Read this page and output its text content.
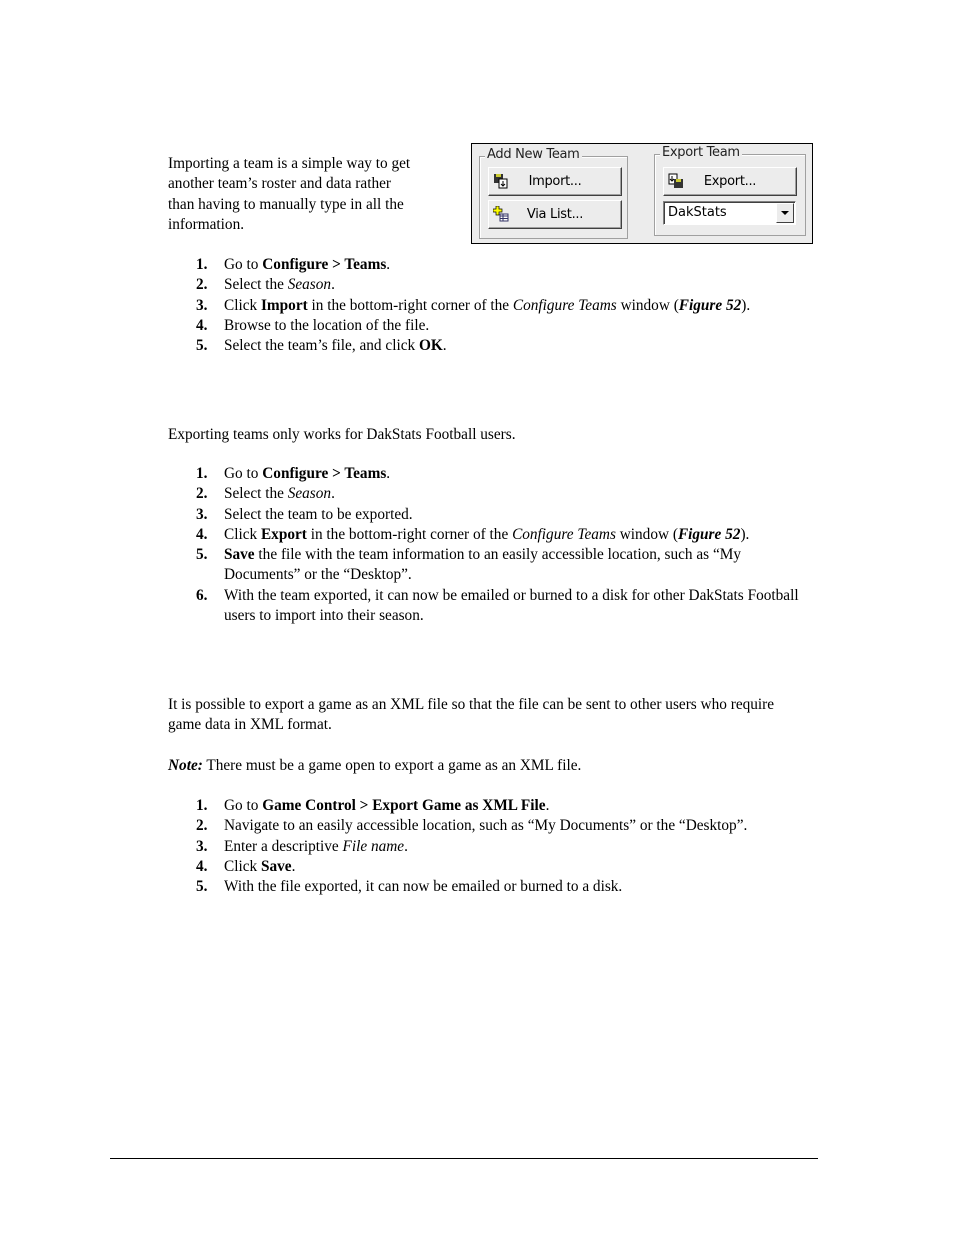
Importing a team is a simple way to get
another team’s roster and data rather
than having to manually type in all the
information.
Add New Team
Import...
Via List...
Export Team
Export...
DakStats
1. Go to Configure > Teams.
2. Select the Season.
3. Click Import in the bottom-right corner of the Configure Teams window (Figure 52).
4. Browse to the location of the file.
5. Select the team’s file, and click OK.
Exporting teams only works for DakStats Football users.
1. Go to Configure > Teams.
2. Select the Season.
3. Select the team to be exported.
4. Click Export in the bottom-right corner of the Configure Teams window (Figure 52).
5. Save the file with the team information to an easily accessible location, such as “My Documents” or the “Desktop”.
6. With the team exported, it can now be emailed or burned to a disk for other DakStats Football users to import into their season.
It is possible to export a game as an XML file so that the file can be sent to other users who require game data in XML format.
Note: There must be a game open to export a game as an XML file.
1. Go to Game Control > Export Game as XML File.
2. Navigate to an easily accessible location, such as “My Documents” or the “Desktop”.
3. Enter a descriptive File name.
4. Click Save.
5. With the file exported, it can now be emailed or burned to a disk.
